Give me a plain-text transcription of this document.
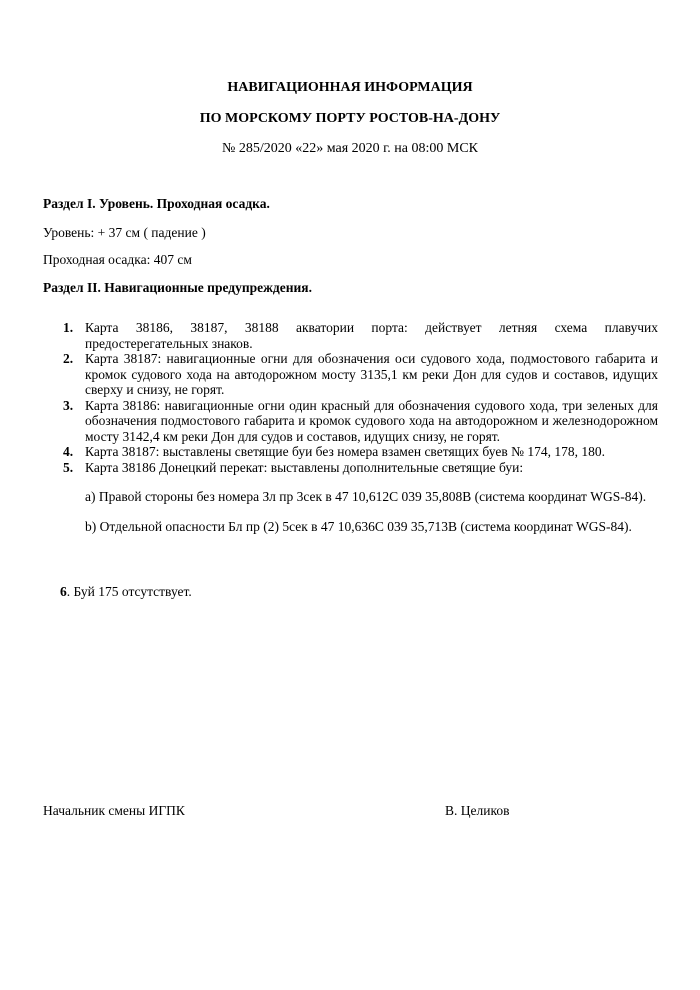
НАВИГАЦИОННАЯ ИНФОРМАЦИЯ
ПО МОРСКОМУ ПОРТУ РОСТОВ-НА-ДОНУ
№ 285/2020 «22» мая 2020 г. на 08:00 МСК
Раздел I. Уровень. Проходная осадка.
Уровень: + 37 см ( падение )
Проходная осадка: 407 см
Раздел II. Навигационные предупреждения.
1. Карта 38186, 38187, 38188 акватории порта: действует летняя схема плавучих предостерегательных знаков.
2. Карта 38187: навигационные огни для обозначения оси судового хода, подмостового габарита и кромок судового хода на автодорожном мосту 3135,1 км реки Дон для судов и составов, идущих сверху и снизу, не горят.
3. Карта 38186: навигационные огни один красный для обозначения судового хода, три зеленых для обозначения подмостового габарита и кромок судового хода на автодорожном и железнодорожном мосту 3142,4 км реки Дон для судов и составов, идущих снизу, не горят.
4. Карта 38187: выставлены светящие буи без номера взамен светящих буев № 174, 178, 180.
5. Карта 38186 Донецкий перекат: выставлены дополнительные светящие буи:
а) Правой стороны без номера Зл пр 3сек в 47 10,612С 039 35,808В (система координат WGS-84).
b) Отдельной опасности Бл пр (2) 5сек в 47 10,636С 039 35,713В (система координат WGS-84).
6. Буй 175 отсутствует.
Начальник смены ИГПК	В. Целиков
